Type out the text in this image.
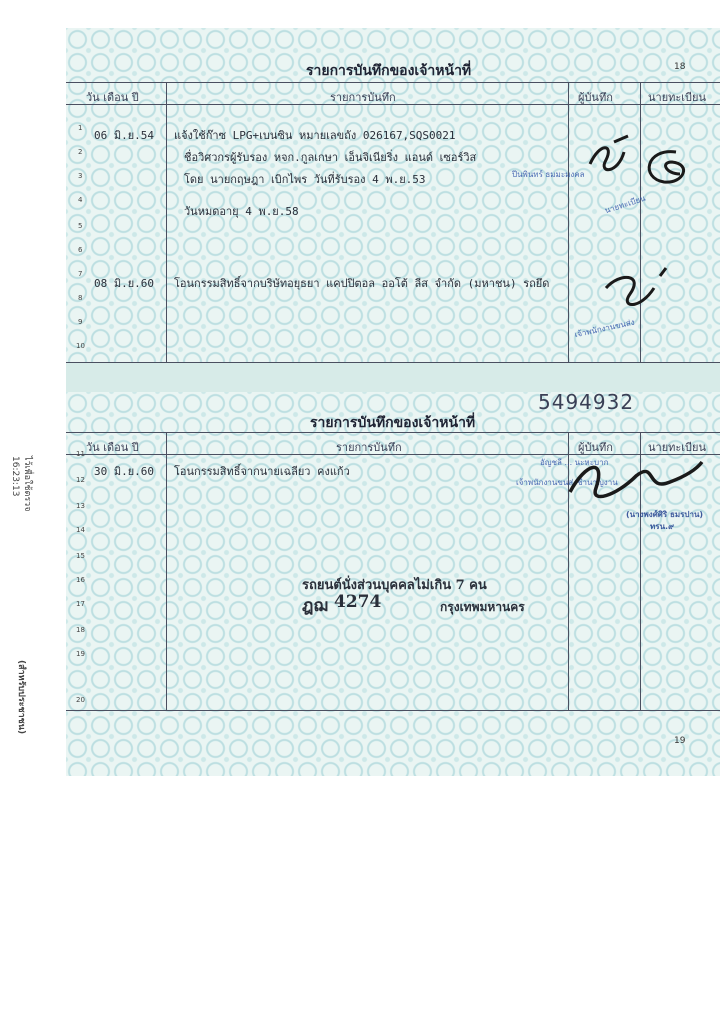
รายการบันทึกของเจ้าหน้าที่	18
วัน เดือน ปี	รายการบันทึก	ผู้บันทึก	นายทะเบียน
1
2
3
4
5
6
7
8
9
10
06 มิ.ย.54 แจ้งใช้ก๊าซ LPG+เบนซิน หมายเลขถัง 026167,SQS0021
ชื่อวิศวกรผู้รับรอง หจก.กูลเกษา เอ็นจิเนียริ่ง แอนด์ เซอร์วิส
โดย นายกฤษฎา เบิกไพร วันที่รับรอง 4 พ.ย.53
วันหมดอายุ 4 พ.ย.58
08 มิ.ย.60 โอนกรรมสิทธิ์จากบริษัทอยุธยา แคปปิตอล ออโต้ ลีส จำกัด (มหาชน) รถยึด
ปีนพินทร์ ธมมะมงคล
นายทะเบียน
เจ้าพนักงานขนส่ง
5494932
รายการบันทึกของเจ้าหน้าที่
19
วัน เดือน ปี	รายการบันทึก	ผู้บันทึก	นายทะเบียน
11
12
13
14
15
16
17
18
19
20
30 มิ.ย.60 โอนกรรมสิทธิ์จากนายเฉลียว คงแก้ว
รถยนต์นั่งส่วนบุคคลไม่เกิน 7 คน
ฎฌ 4274	กรุงเทพมหานคร
อัญชลี ... นะหะบาก
เจ้าพนักงานขนส่งชำนาญงาน
(นางพงศ์ศิริ ธมรปาน)
ทรน.๙
16:23:13 ไว้เพื่อใช้ตรวจ
(สำหรับประชาชน)
